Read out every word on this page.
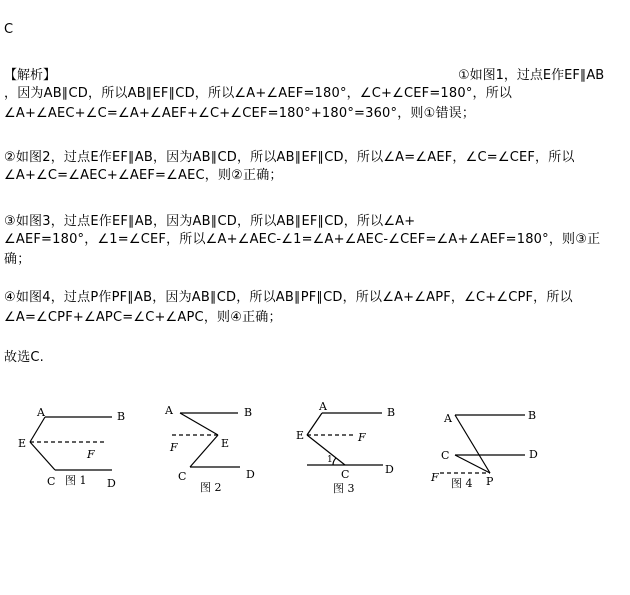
C
【解析】	①如图1，过点E作EF∥AB
，因为AB∥CD，所以AB∥EF∥CD，所以∠A+∠AEF=180°，∠C+∠CEF=180°，所以
∠A+∠AEC+∠C=∠A+∠AEF+∠C+∠CEF=180°+180°=360°，则①错误；
②如图2，过点E作EF∥AB，因为AB∥CD，所以AB∥EF∥CD，所以∠A=∠AEF，∠C=∠CEF，所以
∠A+∠C=∠AEC+∠AEF=∠AEC，则②正确；
③如图3，过点E作EF∥AB，因为AB∥CD，所以AB∥EF∥CD，所以∠A+
∠AEF=180°，∠1=∠CEF，所以∠A+∠AEC-∠1=∠A+∠AEC-∠CEF=∠A+∠AEF=180°，则③正
确；
④如图4，过点P作PF∥AB，因为AB∥CD，所以AB∥PF∥CD，所以∠A+∠APF，∠C+∠CPF，所以
∠A=∠CPF+∠APC=∠C+∠APC，则④正确；
故选C.
A	B
E
F
C 图 1 D
A	B
E
F
C
图 2
D
A	B
E	F
1
C	D
图 3
A	B
C	D
F 图 4 P
